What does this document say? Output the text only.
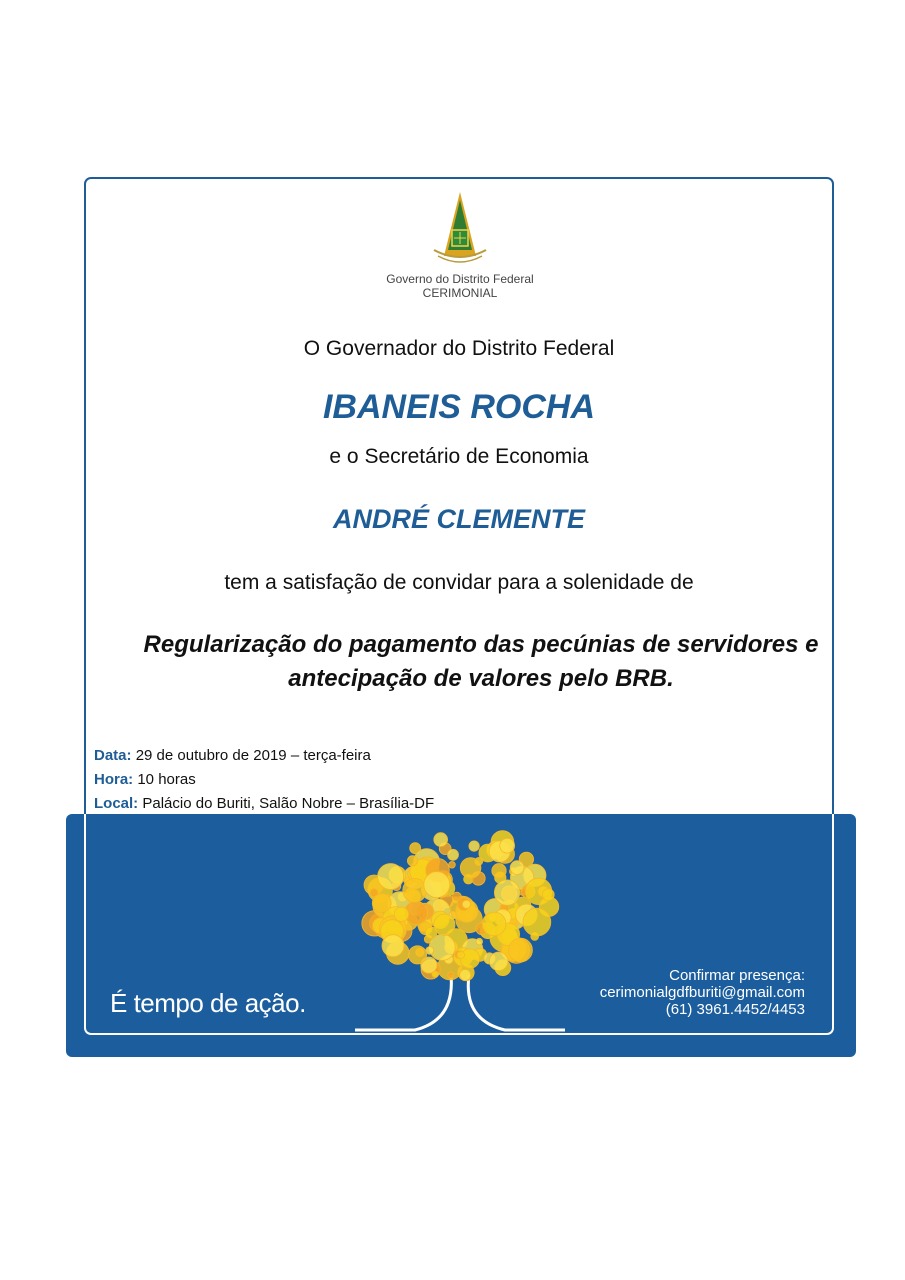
Governo do Distrito Federal
CERIMONIAL
O Governador do Distrito Federal
IBANEIS ROCHA
e o Secretário de Economia
ANDRÉ CLEMENTE
tem a satisfação de convidar para a solenidade de
Regularização do pagamento das pecúnias de servidores e
antecipação de valores pelo BRB.
Data: 29 de outubro de 2019 – terça-feira
Hora: 10 horas
Local: Palácio do Buriti, Salão Nobre – Brasília-DF
É tempo de ação.
Confirmar presença:
cerimonialgdfburiti@gmail.com
(61) 3961.4452/4453
